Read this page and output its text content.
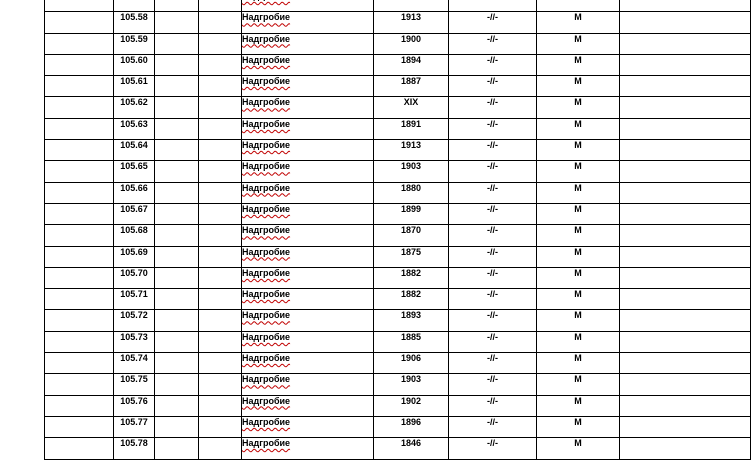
	105.58			Надгробие	1913	-//-	М	
	105.59			Надгробие	1900	-//-	М	
	105.60			Надгробие	1894	-//-	М	
	105.61			Надгробие	1887	-//-	М	
	105.62			Надгробие	XIX	-//-	М	
	105.63			Надгробие	1891	-//-	М	
	105.64			Надгробие	1913	-//-	М	
	105.65			Надгробие	1903	-//-	М	
	105.66			Надгробие	1880	-//-	М	
	105.67			Надгробие	1899	-//-	М	
	105.68			Надгробие	1870	-//-	М	
	105.69			Надгробие	1875	-//-	М	
	105.70			Надгробие	1882	-//-	М	
	105.71			Надгробие	1882	-//-	М	
	105.72			Надгробие	1893	-//-	М	
	105.73			Надгробие	1885	-//-	М	
	105.74			Надгробие	1906	-//-	М	
	105.75			Надгробие	1903	-//-	М	
	105.76			Надгробие	1902	-//-	М	
	105.77			Надгробие	1896	-//-	М	
	105.78			Надгробие	1846	-//-	М	
